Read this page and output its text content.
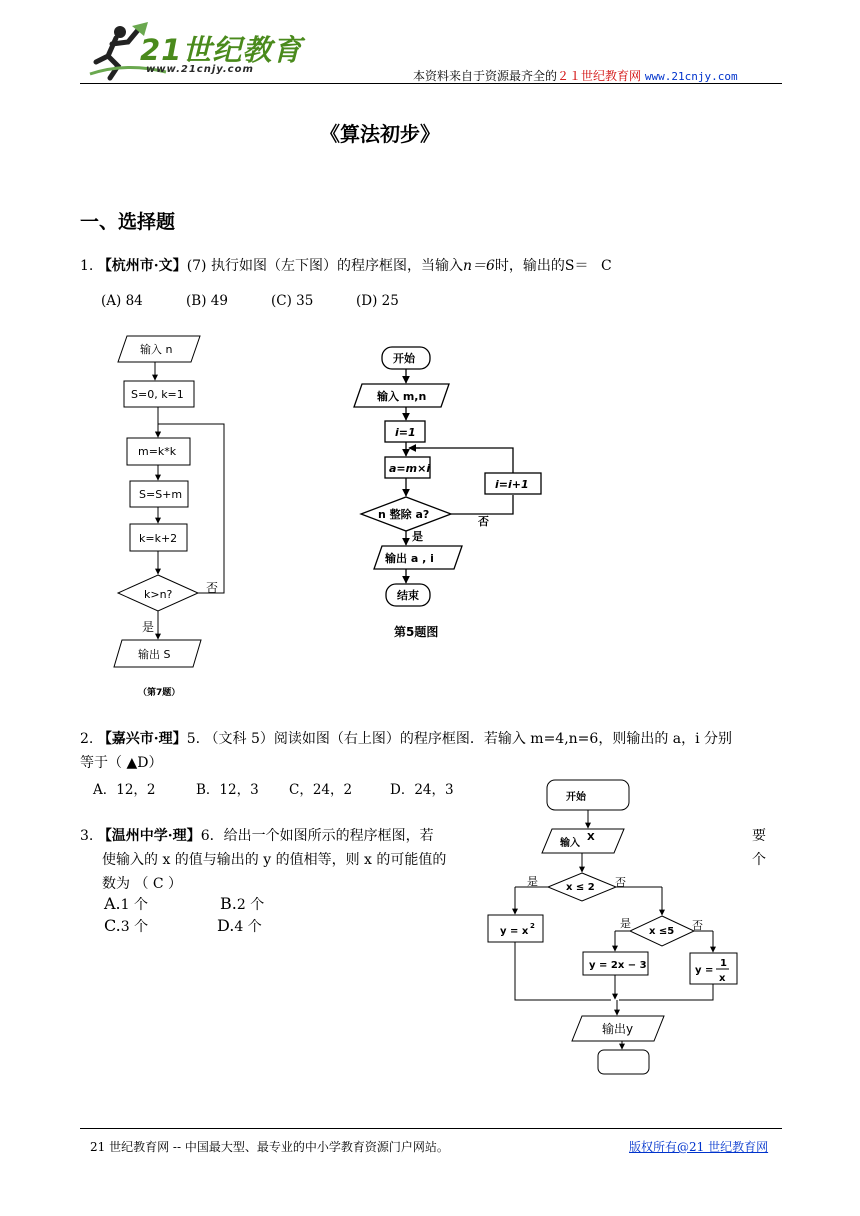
21世纪教育
www.21cnjy.com	本资料来自于资源最齐全的２１世纪教育网 www.21cnjy.com
《算法初步》
一、选择题
1. 【杭州市·文】(7) 执行如图（左下图）的程序框图，当输入n＝6时，输出的S＝ C
(A) 84	(B) 49	(C) 35	(D) 25
输入 n
S=0, k=1
m=k*k
S=S+m
k=k+2
k>n?	否
是
输出 S
（第7题）
开始
输入 m,n
i=1
a=m×i
n 整除 a?
是
否
i=i+1
输出 a , i
结束
第5题图
2. 【嘉兴市·理】5. （文科 5）阅读如图（右上图）的程序框图．若输入 m=4,n=6，则输出的 a，i 分别
等于（ ▲D）
A．12，2	B．12，3 C，24，2	D．24，3
3. 【温州中学·理】6．给出一个如图所示的程序框图，若	要
使输入的 x 的值与输出的 y 的值相等，则 x 的可能值的	个
数为 （ C ）
A.1 个	B.2 个
C.3 个	D.4 个
开始
输入
X
x ≤ 2
是	否
x ≤5
是	否
y = x 2
y = 2x − 3	y =
1
x
输出y
21 世纪教育网 -- 中国最大型、最专业的中小学教育资源门户网站。	版权所有@21 世纪教育网
